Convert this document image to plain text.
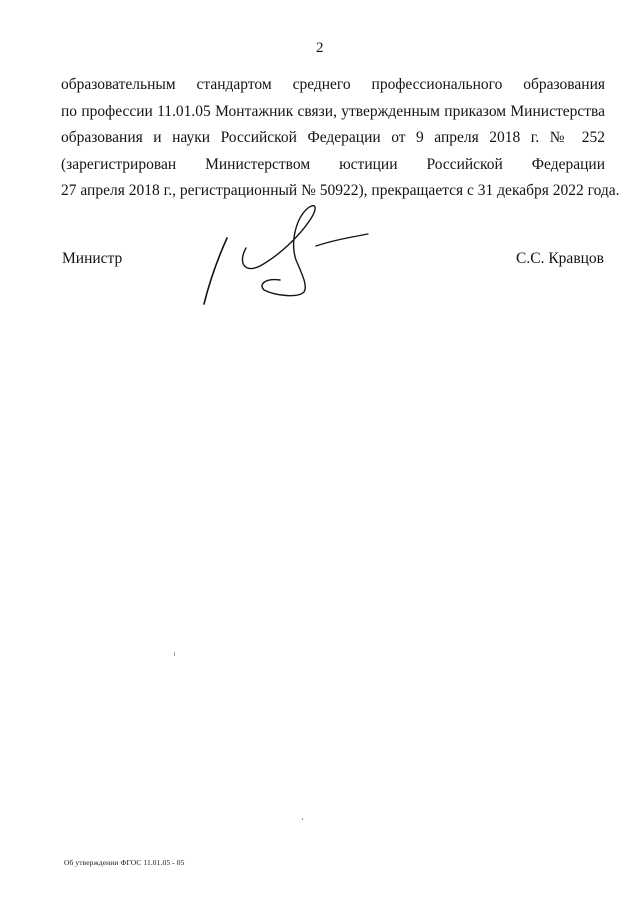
2
образовательным стандартом среднего профессионального образования
по профессии 11.01.05 Монтажник связи, утвержденным приказом Министерства
образования и науки Российской Федерации от 9 апреля 2018 г. № 252
(зарегистрирован Министерством юстиции Российской Федерации
27 апреля 2018 г., регистрационный № 50922), прекращается с 31 декабря 2022 года.
Министр	С.С. Кравцов
Об утверждении ФГОС 11.01.05 - 05
